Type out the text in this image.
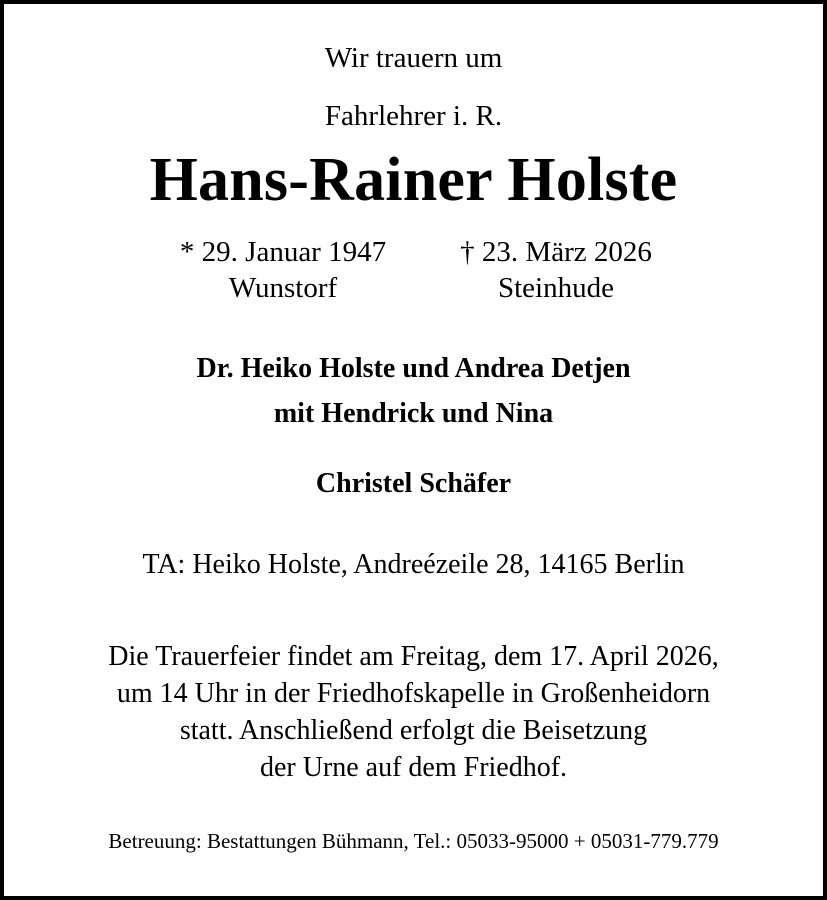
Wir trauern um
Fahrlehrer i. R.
Hans-Rainer Holste
* 29. Januar 1947
Wunstorf
† 23. März 2026
Steinhude
Dr. Heiko Holste und Andrea Detjen
mit Hendrick und Nina
Christel Schäfer
TA: Heiko Holste, Andreézeile 28, 14165 Berlin
Die Trauerfeier findet am Freitag, dem 17. April 2026,
um 14 Uhr in der Friedhofskapelle in Großenheidorn
statt. Anschließend erfolgt die Beisetzung
der Urne auf dem Friedhof.
Betreuung: Bestattungen Bühmann, Tel.: 05033-95000 + 05031-779.779
